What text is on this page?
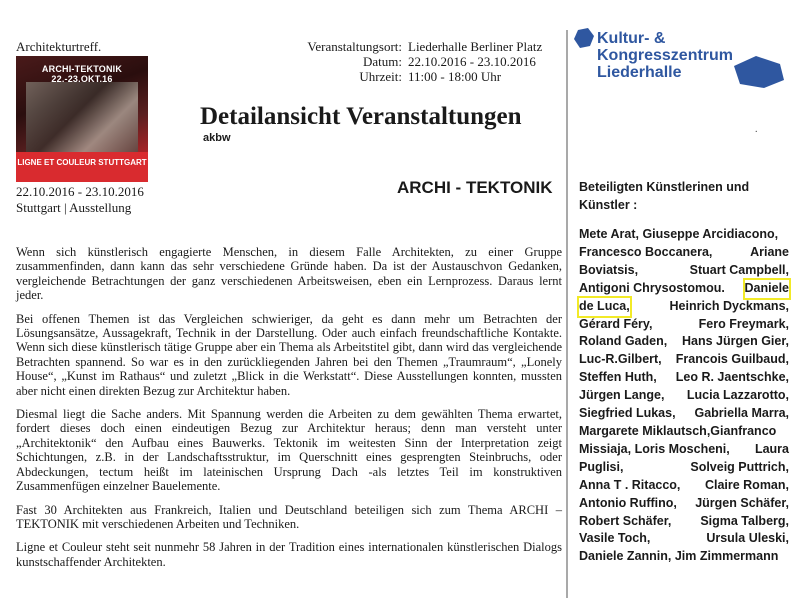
Architekturtreff.
ARCHI-TEKTONIK 22.-23.OKT.16
LIGNE ET COULEUR STUTTGART
22.10.2016 - 23.10.2016
Stuttgart | Ausstellung
Veranstaltungsort: Liederhalle Berliner Platz
Datum: 22.10.2016 - 23.10.2016
Uhrzeit: 11:00 - 18:00 Uhr
Detailansicht Veranstaltungen
akbw
ARCHI - TEKTONIK

Wenn sich künstlerisch engagierte Menschen, in diesem Falle Architekten, zu einer Gruppe zusammenfinden, dann kann das sehr verschiedene Gründe haben. Da ist der Austauschvon Gedanken, vergleichende Betrachtungen der ganz verschiedenen Arbeitsweisen, eben ein Lernprozess. Daraus lernt jeder.

Bei offenen Themen ist das Vergleichen schwieriger, da geht es dann mehr um Betrachten der Lösungsansätze, Aussagekraft, Technik in der Darstellung. Oder auch einfach freundschaftliche Kontakte. Wenn sich diese künstlerisch tätige Gruppe aber ein Thema als Arbeitstitel gibt, dann wird das vergleichende Betrachten spannend. So war es in den zurückliegenden Jahren bei den Themen „Traumraum“, „Lonely House“, „Kunst im Rathaus“ und zuletzt „Blick in die Werkstatt“. Diese Ausstellungen konnten, mussten aber nicht einen direkten Bezug zur Architektur haben.

Diesmal liegt die Sache anders. Mit Spannung werden die Arbeiten zu dem gewählten Thema erwartet, fordert dieses doch einen eindeutigen Bezug zur Architektur heraus; denn man versteht unter „Architektonik“ den Aufbau eines Bauwerks. Tektonik im weitesten Sinn der Interpretation zeigt Schichtungen, z.B. in der Landschaftsstruktur, im Querschnitt eines gesprengten Steinbruchs, oder Abdeckungen, tectum heißt im lateinischen Ursprung Dach -als letztes Teil im konstruktiven Zusammenfügen einzelner Bauelemente.

Fast 30 Architekten aus Frankreich, Italien und Deutschland beteiligen sich zum Thema ARCHI – TEKTONIK mit verschiedenen Arbeiten und Techniken.

Ligne et Couleur steht seit nunmehr 58 Jahren in der Tradition eines internationalen künstlerischen Dialogs kunstschaffender Architekten.

Kultur- &
Kongresszentrum
Liederhalle
.
Beteiligten Künstlerinen und Künstler :
Mete Arat, Giuseppe Arcidiacono,
Francesco Boccanera,	Ariane
Boviatsis,	Stuart Campbell,
Antigoni Chrysostomou. Daniele
de Luca,	Heinrich Dyckmans,
Gérard Féry,	Fero Freymark,
Roland Gaden, Hans Jürgen Gier,
Luc-R.Gilbert, Francois Guilbaud,
Steffen Huth, Leo R. Jaentschke,
Jürgen Lange, Lucia Lazzarotto,
Siegfried Lukas, Gabriella Marra,
Margarete Miklautsch,Gianfranco
Missiaja, Loris Moscheni, Laura
Puglisi,	Solveig Puttrich,
Anna T . Ritacco, Claire Roman,
Antonio Ruffino, Jürgen Schäfer,
Robert Schäfer, Sigma Talberg,
Vasile Toch,	Ursula Uleski,
Daniele Zannin, Jim Zimmermann
